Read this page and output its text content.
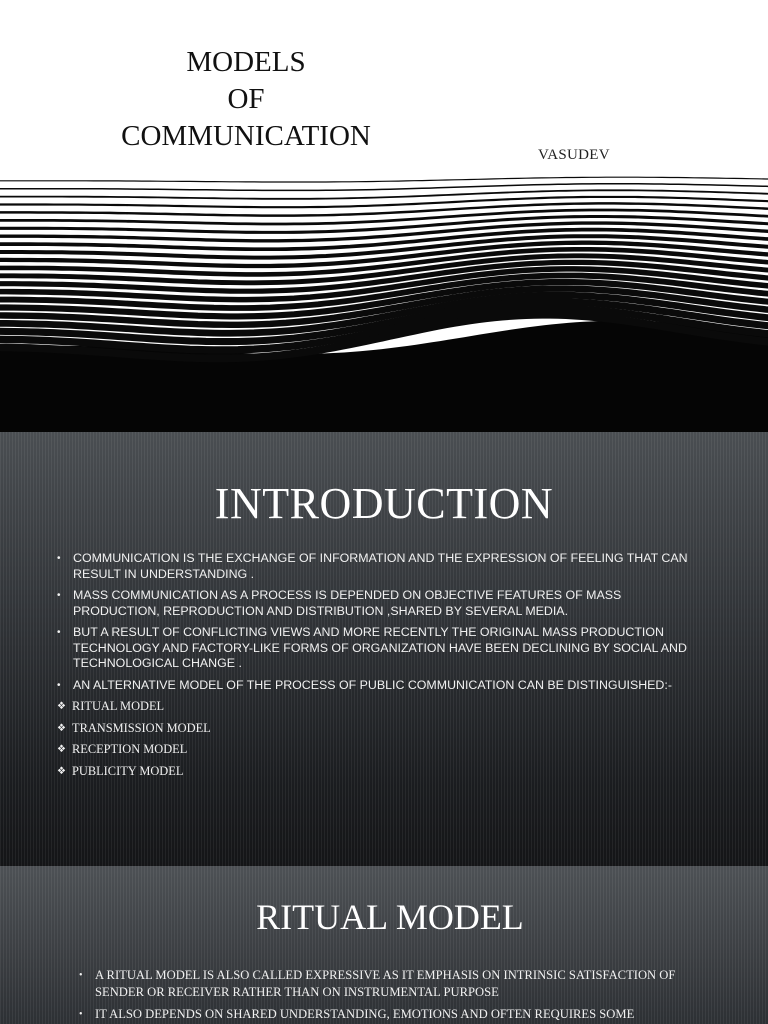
MODELS
OF
COMMUNICATION
VASUDEV
INTRODUCTION
• COMMUNICATION IS THE EXCHANGE OF INFORMATION AND THE EXPRESSION OF FEELING THAT CAN RESULT IN UNDERSTANDING .
• MASS COMMUNICATION AS A PROCESS IS DEPENDED ON OBJECTIVE FEATURES OF MASS PRODUCTION, REPRODUCTION AND DISTRIBUTION ,SHARED BY SEVERAL MEDIA.
• BUT A RESULT OF CONFLICTING VIEWS AND MORE RECENTLY THE ORIGINAL MASS PRODUCTION TECHNOLOGY AND FACTORY-LIKE FORMS OF ORGANIZATION HAVE BEEN DECLINING BY SOCIAL AND TECHNOLOGICAL CHANGE .
• AN ALTERNATIVE MODEL OF THE PROCESS OF PUBLIC COMMUNICATION CAN BE DISTINGUISHED:-
❖ RITUAL MODEL
❖ TRANSMISSION MODEL
❖ RECEPTION MODEL
❖ PUBLICITY MODEL
RITUAL MODEL
• A RITUAL MODEL IS ALSO CALLED EXPRESSIVE AS IT EMPHASIS ON INTRINSIC SATISFACTION OF SENDER OR RECEIVER RATHER THAN ON INSTRUMENTAL PURPOSE
• IT ALSO DEPENDS ON SHARED UNDERSTANDING, EMOTIONS AND OFTEN REQUIRES SOME
